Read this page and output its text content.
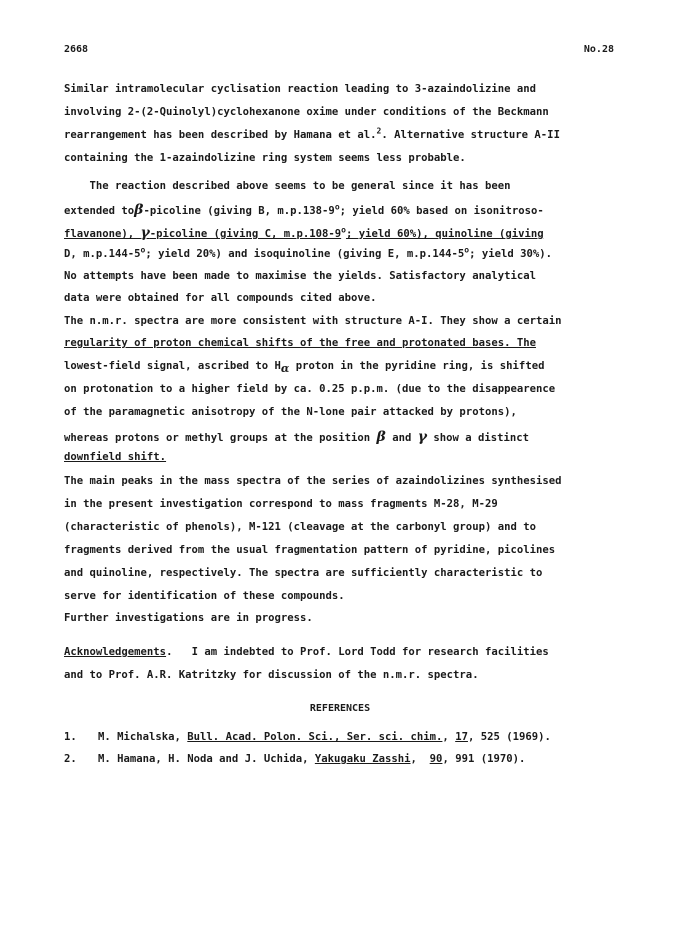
2668	No.28
Similar intramolecular cyclisation reaction leading to 3-azaindolizine and
involving 2-(2-Quinolyl)cyclohexanone oxime under conditions of the Beckmann
rearrangement has been described by Hamana et al.$^2$. Alternative structure A-II
containing the 1-azaindolizine ring system seems less probable.
The reaction described above seems to be general since it has been
extended toβ-picoline (giving B, m.p.138-9$^o$; yield 60% based on isonitroso-
flavanone), γ-picoline (giving C, m.p.108-9$^o$; yield 60%), quinoline (giving
D, m.p.144-5$^o$; yield 20%) and isoquinoline (giving E, m.p.144-5$^o$; yield 30%).
No attempts have been made to maximise the yields. Satisfactory analytical
data were obtained for all compounds cited above.
The n.m.r. spectra are more consistent with structure A-I. They show a certain
regularity of proton chemical shifts of the free and protonated bases. The
lowest-field signal, ascribed to Hα proton in the pyridine ring, is shifted
on protonation to a higher field by ca. 0.25 p.p.m. (due to the disappearence
of the paramagnetic anisotropy of the N-lone pair attacked by protons),
whereas protons or methyl groups at the position β and γ show a distinct
downfield shift.
The main peaks in the mass spectra of the series of azaindolizines synthesised
in the present investigation correspond to mass fragments M-28, M-29
(characteristic of phenols), M-121 (cleavage at the carbonyl group) and to
fragments derived from the usual fragmentation pattern of pyridine, picolines
and quinoline, respectively. The spectra are sufficiently characteristic to
serve for identification of these compounds.
Further investigations are in progress.
Acknowledgements.   I am indebted to Prof. Lord Todd for research facilities
and to Prof. A.R. Katritzky for discussion of the n.m.r. spectra.
REFERENCES
1. M. Michalska, Bull. Acad. Polon. Sci., Ser. sci. chim., 17, 525 (1969).
2. M. Hamana, H. Noda and J. Uchida, Yakugaku Zasshi,  90, 991 (1970).
